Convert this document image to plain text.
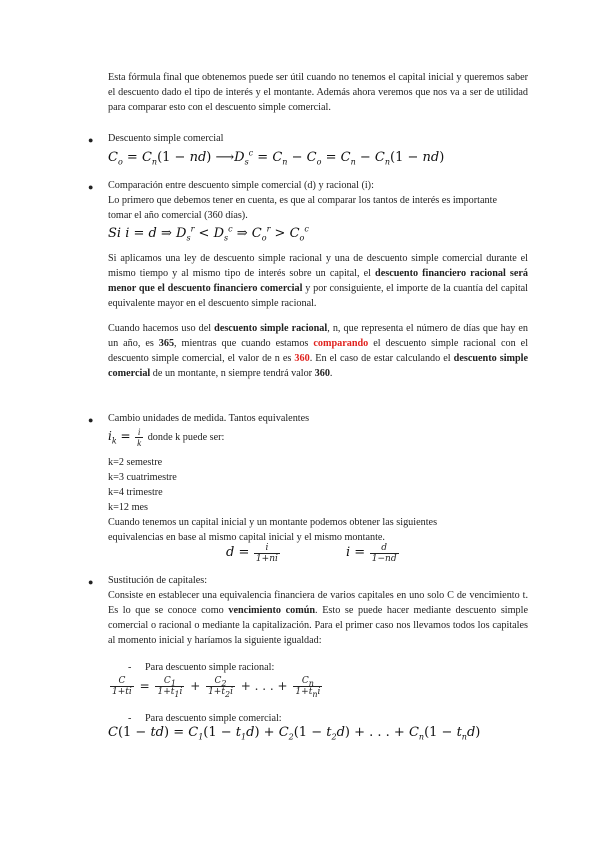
Esta fórmula final que obtenemos puede ser útil cuando no tenemos el capital inicial y queremos saber el descuento dado el tipo de interés y el montante. Además ahora veremos que nos va a ser de utilidad para comparar esto con el descuento simple comercial.
● Descuento simple comercial
$C_o = C_n(1 - nd)$ $⟶D_s^c = C_n - C_o = C_n - C_n(1 - nd)$
● Comparación entre descuento simple comercial (d) y racional (i):
Lo primero que debemos tener en cuenta, es que al comparar los tantos de interés es importante tomar el año comercial (360 días).
Si i = d ⇒ $D_s^r < D_s^c$ ⇒ $C_o^r > C_o^c$
Si aplicamos una ley de descuento simple racional y una de descuento simple comercial durante el mismo tiempo y al mismo tipo de interés sobre un capital, el descuento financiero racional será menor que el descuento financiero comercial y por consiguiente, el importe de la cuantía del capital equivalente mayor en el descuento simple racional.
Cuando hacemos uso del descuento simple racional, n, que representa el número de días que hay en un año, es 365, mientras que cuando estamos comparando el descuento simple racional con el descuento simple comercial, el valor de n es 360. En el caso de estar calculando el descuento simple comercial de un montante, n siempre tendrá valor 360.
● Cambio unidades de medida. Tantos equivalentes
$i_k = \frac{i}{k}$ donde k puede ser:
k=2 semestre
k=3 cuatrimestre
k=4 trimestre
k=12 mes
Cuando tenemos un capital inicial y un montante podemos obtener las siguientes equivalencias en base al mismo capital inicial y el mismo montante.
$d = \frac{i}{1+ni}$	$i = \frac{d}{1-nd}$
● Sustitución de capitales:
Consiste en establecer una equivalencia financiera de varios capitales en uno solo C de vencimiento t. Es lo que se conoce como vencimiento común. Esto se puede hacer mediante descuento simple comercial o racional o mediante la capitalización. Para el primer caso nos llevamos todos los capitales al momento inicial y haríamos la siguiente igualdad:
- Para descuento simple racional:
$\frac{C}{1+ti} = \frac{C_1}{1+t_1i} + \frac{C_2}{1+t_2i}$ + . . . + $\frac{C_n}{1+t_ni}$
- Para descuento simple comercial:
$C(1 - td) = C_1(1 - t_1d) + C_2(1 - t_2d)$ + . . . + $C_n(1 - t_nd)$
